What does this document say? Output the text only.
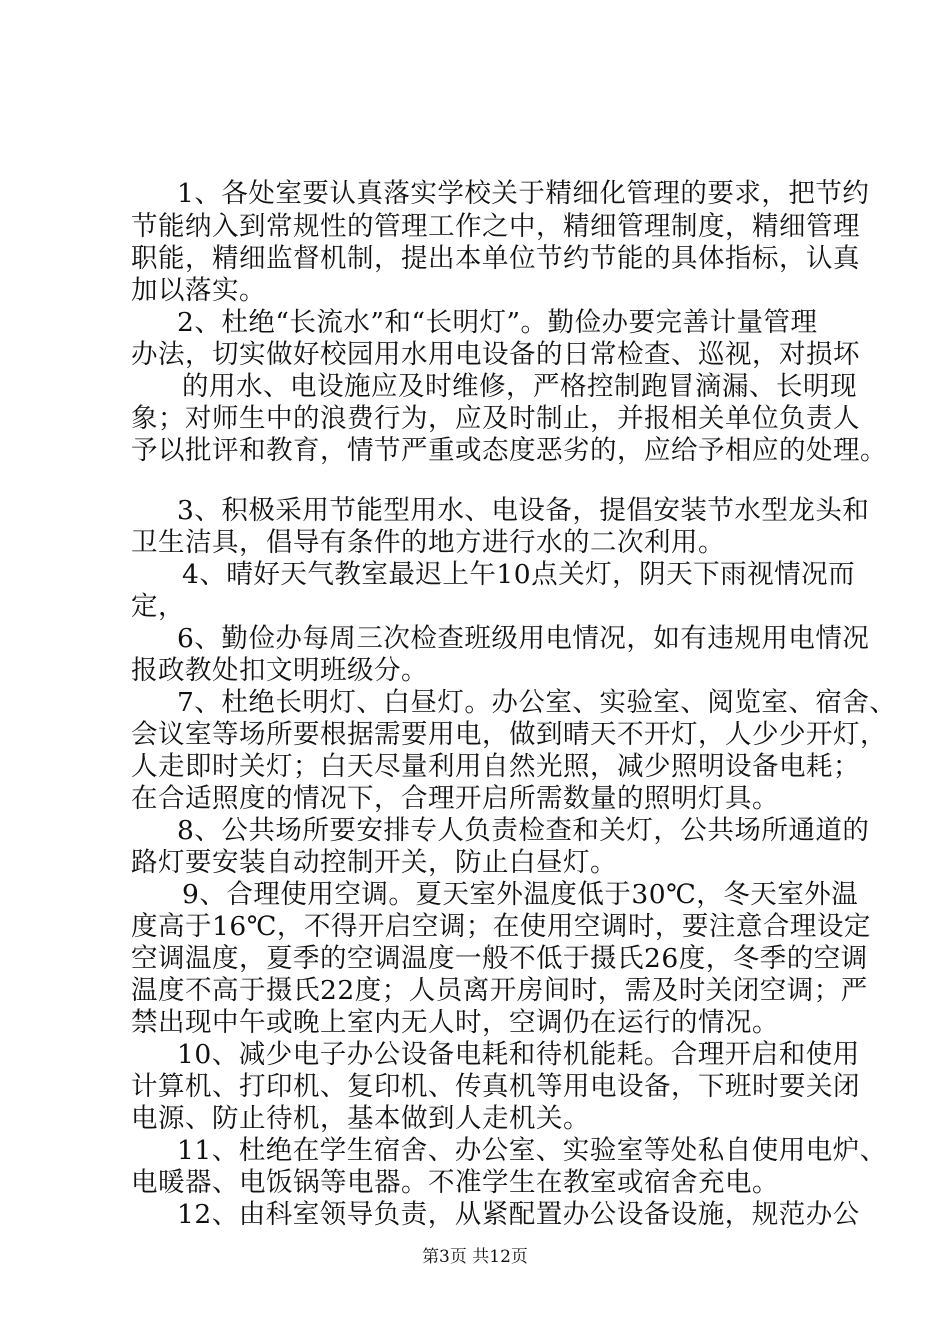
1、各处室要认真落实学校关于精细化管理的要求，把节约
节能纳入到常规性的管理工作之中，精细管理制度，精细管理
职能，精细监督机制，提出本单位节约节能的具体指标，认真
加以落实。
2、杜绝“长流水”和“长明灯”。勤俭办要完善计量管理
办法，切实做好校园用水用电设备的日常检查、巡视，对损坏
的用水、电设施应及时维修，严格控制跑冒滴漏、长明现
象；对师生中的浪费行为，应及时制止，并报相关单位负责人
予以批评和教育，情节严重或态度恶劣的，应给予相应的处理。
3、积极采用节能型用水、电设备，提倡安装节水型龙头和
卫生洁具，倡导有条件的地方进行水的二次利用。
4、晴好天气教室最迟上午10点关灯，阴天下雨视情况而
定，
6、勤俭办每周三次检查班级用电情况，如有违规用电情况
报政教处扣文明班级分。
7、杜绝长明灯、白昼灯。办公室、实验室、阅览室、宿舍、
会议室等场所要根据需要用电，做到晴天不开灯，人少少开灯，
人走即时关灯；白天尽量利用自然光照，减少照明设备电耗；
在合适照度的情况下，合理开启所需数量的照明灯具。
8、公共场所要安排专人负责检查和关灯，公共场所通道的
路灯要安装自动控制开关，防止白昼灯。
9、合理使用空调。夏天室外温度低于30℃，冬天室外温
度高于16℃，不得开启空调；在使用空调时，要注意合理设定
空调温度，夏季的空调温度一般不低于摄氏26度，冬季的空调
温度不高于摄氏22度；人员离开房间时，需及时关闭空调；严
禁出现中午或晚上室内无人时，空调仍在运行的情况。
10、减少电子办公设备电耗和待机能耗。合理开启和使用
计算机、打印机、复印机、传真机等用电设备，下班时要关闭
电源、防止待机，基本做到人走机关。
11、杜绝在学生宿舍、办公室、实验室等处私自使用电炉、
电暖器、电饭锅等电器。不准学生在教室或宿舍充电。
12、由科室领导负责，从紧配置办公设备设施，规范办公
第3页 共12页
